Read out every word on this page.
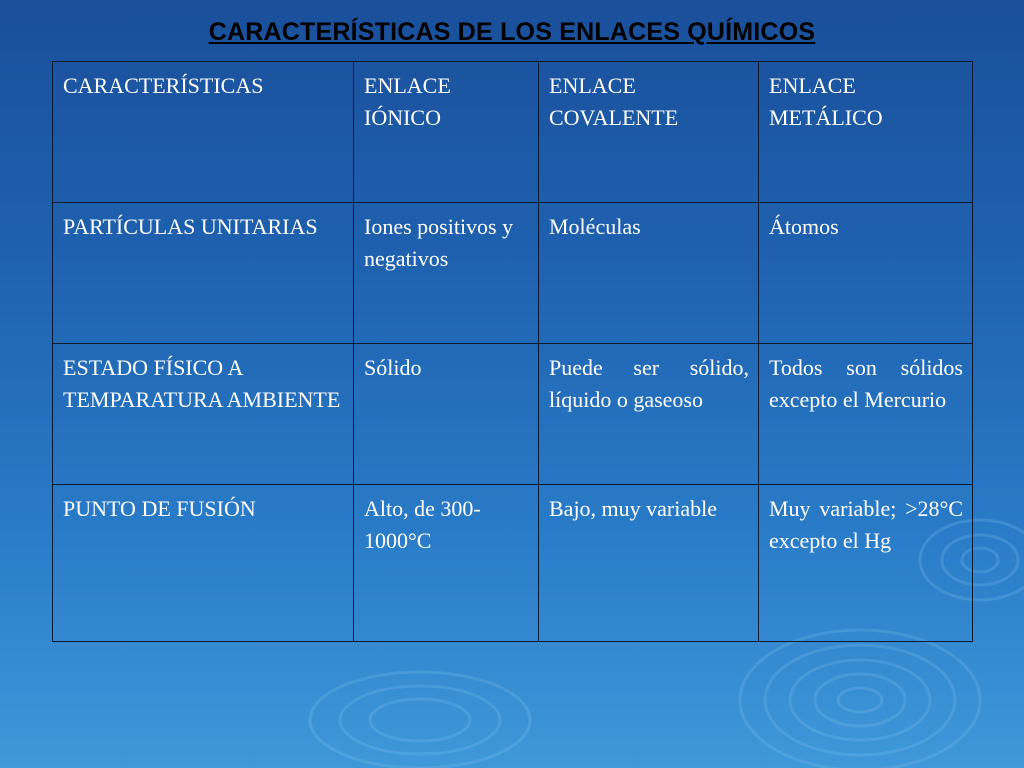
CARACTERÍSTICAS DE LOS ENLACES QUÍMICOS
CARACTERÍSTICAS	ENLACE IÓNICO	ENLACE COVALENTE	ENLACE METÁLICO
PARTÍCULAS UNITARIAS	Iones positivos y negativos	Moléculas	Átomos
ESTADO FÍSICO A TEMPARATURA AMBIENTE	Sólido	Puede ser sólido, líquido o gaseoso	Todos son sólidos excepto el Mercurio
PUNTO DE FUSIÓN	Alto, de 300-1000°C	Bajo, muy variable	Muy variable; >28°C excepto el Hg
